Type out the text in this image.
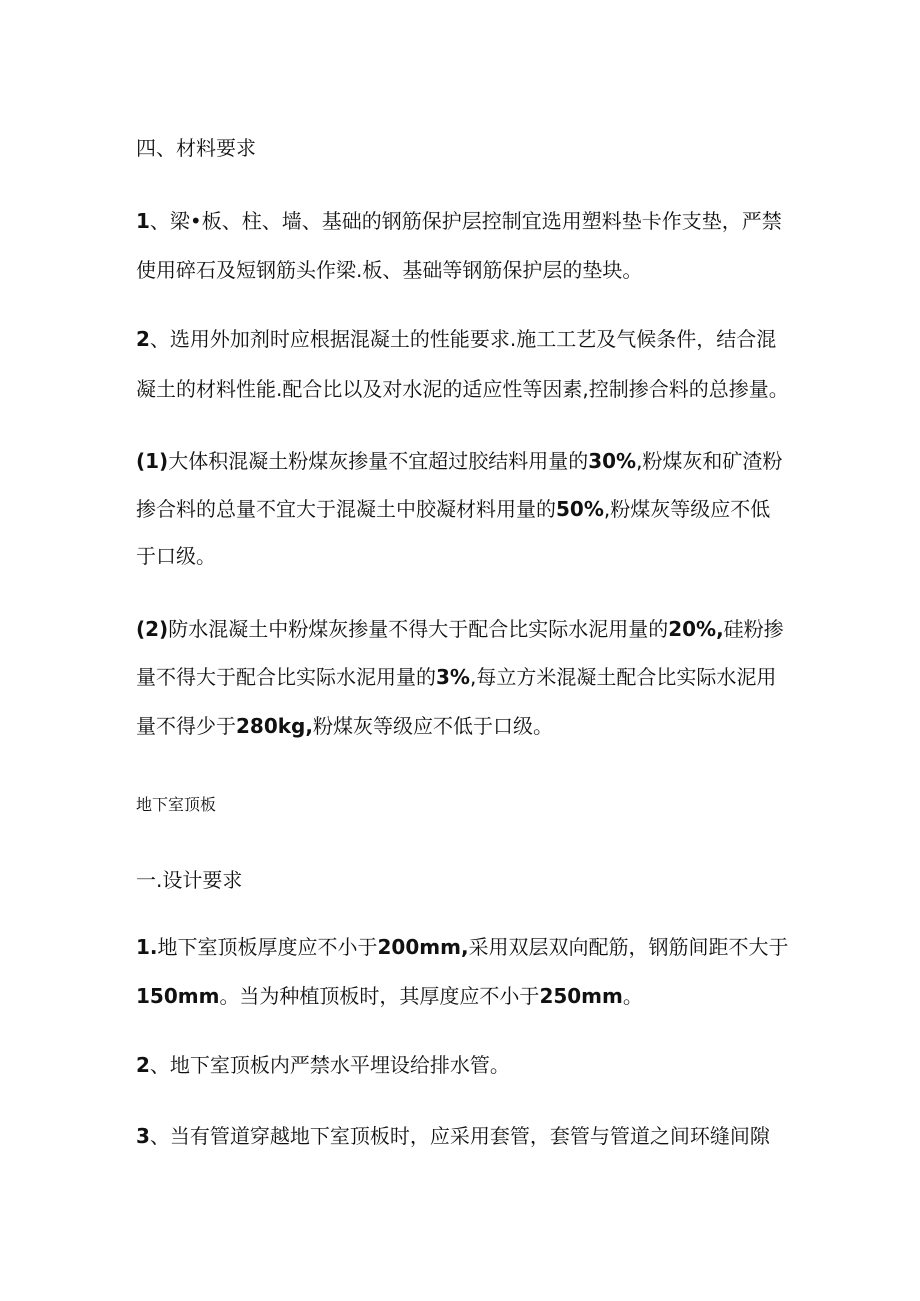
四、材料要求
1、梁•板、柱、墙、基础的钢筋保护层控制宜选用塑料垫卡作支垫，严禁
使用碎石及短钢筋头作梁.板、基础等钢筋保护层的垫块。
2、选用外加剂时应根据混凝土的性能要求.施工工艺及气候条件，结合混
凝土的材料性能.配合比以及对水泥的适应性等因素,控制掺合料的总掺量。
(1)大体积混凝土粉煤灰掺量不宜超过胶结料用量的30%,粉煤灰和矿渣粉
掺合料的总量不宜大于混凝土中胶凝材料用量的50%,粉煤灰等级应不低
于口级。
(2)防水混凝土中粉煤灰掺量不得大于配合比实际水泥用量的20%,硅粉掺
量不得大于配合比实际水泥用量的3%,每立方米混凝土配合比实际水泥用
量不得少于280kg,粉煤灰等级应不低于口级。
地下室顶板
一.设计要求
1.地下室顶板厚度应不小于200mm,采用双层双向配筋，钢筋间距不大于
150mm。当为种植顶板时，其厚度应不小于250mm。
2、地下室顶板内严禁水平埋设给排水管。
3、当有管道穿越地下室顶板时，应采用套管，套管与管道之间环缝间隙
